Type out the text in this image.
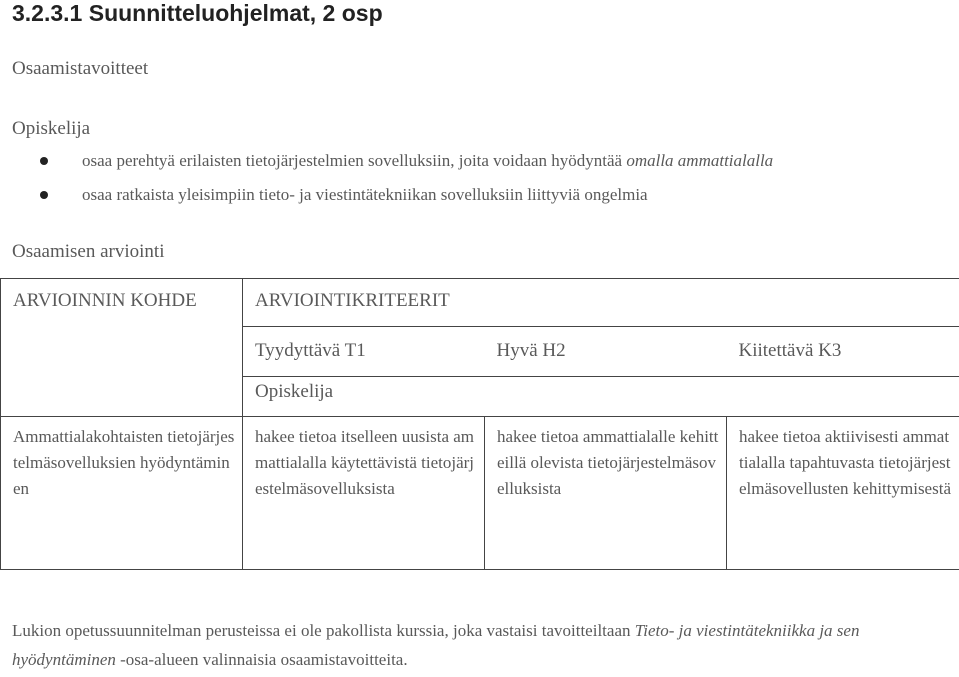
3.2.3.1 Suunnitteluohjelmat, 2 osp
Osaamistavoitteet
Opiskelija
osaa perehtyä erilaisten tietojärjestelmien sovelluksiin, joita voidaan hyödyntää omalla ammattialalla
osaa ratkaista yleisimpiin tieto- ja viestintätekniikan sovelluksiin liittyviä ongelmia
Osaamisen arviointi
ARVIOINNIN KOHDE	ARVIOINTIKRITEERIT		
	Tyydyttävä T1	Hyvä H2	Kiitettävä K3
	Opiskelija		
Ammattialakohtaisten tietojärjestelmäsovelluksien hyödyntäminen	hakee tietoa itselleen uusista ammattialalla käytettävistä tietojärjestelmäsovelluksista	hakee tietoa ammattialalle kehitteillä olevista tietojärjestelmäsovelluksista	hakee tietoa aktiivisesti ammattialalla tapahtuvasta tietojärjestelmäsovellusten kehittymisestä
Lukion opetussuunnitelman perusteissa ei ole pakollista kurssia, joka vastaisi tavoitteiltaan Tieto- ja viestintätekniikka ja sen hyödyntäminen -osa-alueen valinnaisia osaamistavoitteita.
